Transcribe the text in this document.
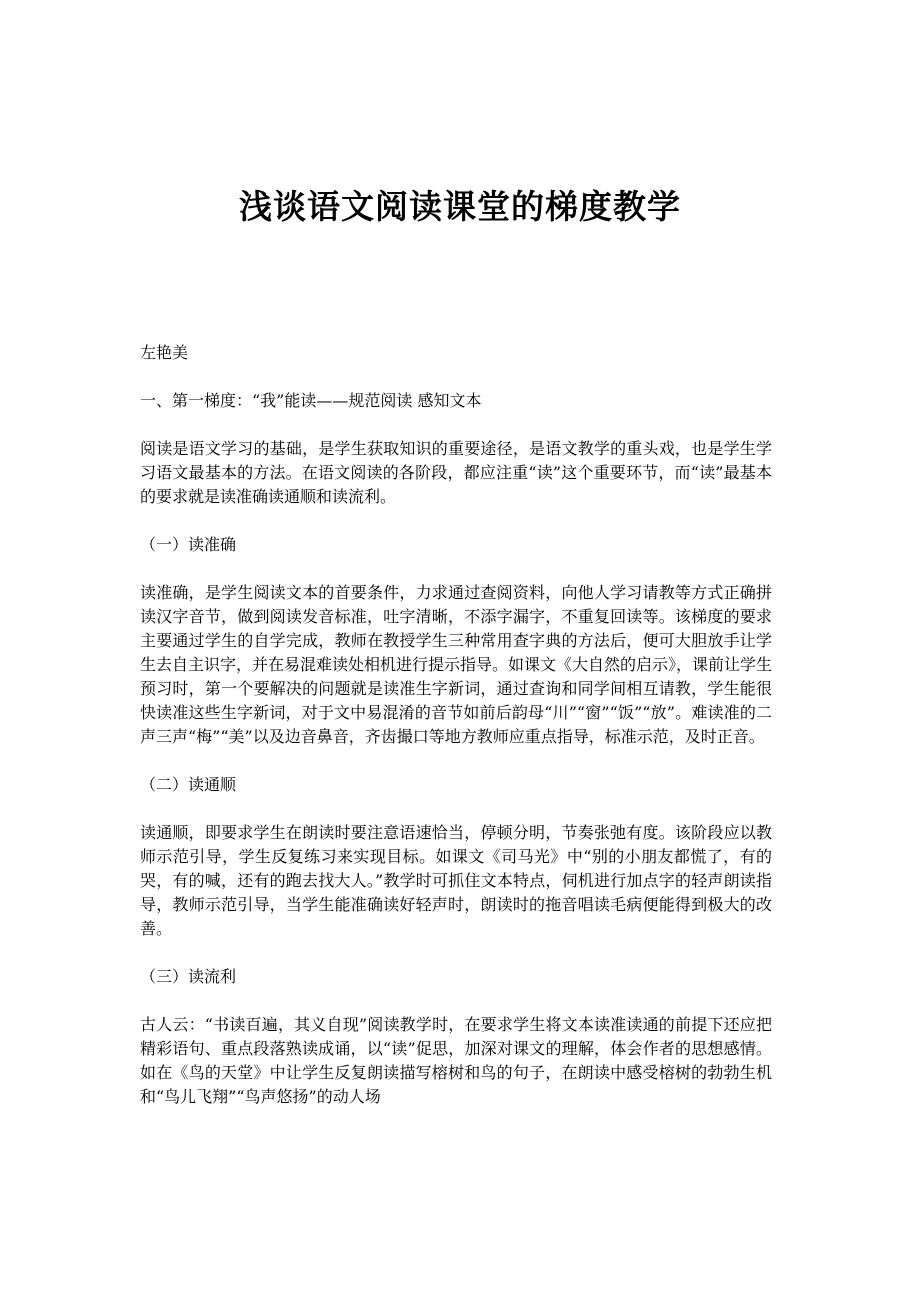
浅谈语文阅读课堂的梯度教学
左艳美
一、第一梯度：“我”能读——规范阅读 感知文本

阅读是语文学习的基础，是学生获取知识的重要途径，是语文教学的重头戏，也是学生学习语文最基本的方法。在语文阅读的各阶段，都应注重“读”这个重要环节，而“读”最基本的要求就是读准确读通顺和读流利。

（一）读准确

读准确，是学生阅读文本的首要条件，力求通过查阅资料，向他人学习请教等方式正确拼读汉字音节，做到阅读发音标准，吐字清晰，不添字漏字，不重复回读等。该梯度的要求主要通过学生的自学完成，教师在教授学生三种常用查字典的方法后，便可大胆放手让学生去自主识字，并在易混难读处相机进行提示指导。如课文《大自然的启示》，课前让学生预习时，第一个要解决的问题就是读准生字新词，通过查询和同学间相互请教，学生能很快读准这些生字新词，对于文中易混淆的音节如前后韵母“川”“窗”“饭”“放”。难读准的二声三声“梅”“美”以及边音鼻音，齐齿撮口等地方教师应重点指导，标准示范，及时正音。

（二）读通顺

读通顺，即要求学生在朗读时要注意语速恰当，停顿分明，节奏张弛有度。该阶段应以教师示范引导，学生反复练习来实现目标。如课文《司马光》中“别的小朋友都慌了，有的哭，有的喊，还有的跑去找大人。”教学时可抓住文本特点，伺机进行加点字的轻声朗读指导，教师示范引导，当学生能准确读好轻声时，朗读时的拖音唱读毛病便能得到极大的改善。

（三）读流利

古人云：“书读百遍，其义自现”阅读教学时，在要求学生将文本读准读通的前提下还应把精彩语句、重点段落熟读成诵，以“读”促思，加深对课文的理解，体会作者的思想感情。如在《鸟的天堂》中让学生反复朗读描写榕树和鸟的句子，在朗读中感受榕树的勃勃生机和“鸟儿飞翔”“鸟声悠扬”的动人场
